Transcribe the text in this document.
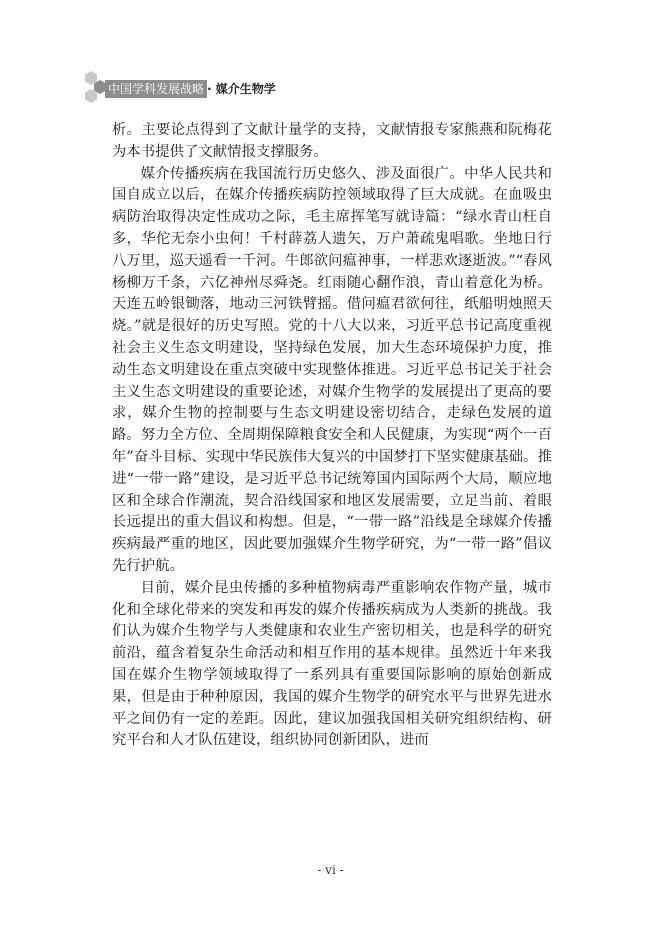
中国学科发展战略 · 媒介生物学

析。主要论点得到了文献计量学的支持，文献情报专家熊燕和阮梅花为本书提供了文献情报支撑服务。

媒介传播疾病在我国流行历史悠久、涉及面很广。中华人民共和国自成立以后，在媒介传播疾病防控领域取得了巨大成就。在血吸虫病防治取得决定性成功之际，毛主席挥笔写就诗篇：“绿水青山枉自多，华佗无奈小虫何！千村薜荔人遗矢，万户萧疏鬼唱歌。坐地日行八万里，巡天遥看一千河。牛郎欲问瘟神事，一样悲欢逐逝波。”“春风杨柳万千条，六亿神州尽舜尧。红雨随心翻作浪，青山着意化为桥。天连五岭银锄落，地动三河铁臂摇。借问瘟君欲何往，纸船明烛照天烧。”就是很好的历史写照。党的十八大以来，习近平总书记高度重视社会主义生态文明建设，坚持绿色发展，加大生态环境保护力度，推动生态文明建设在重点突破中实现整体推进。习近平总书记关于社会主义生态文明建设的重要论述，对媒介生物学的发展提出了更高的要求，媒介生物的控制要与生态文明建设密切结合，走绿色发展的道路。努力全方位、全周期保障粮食安全和人民健康，为实现“两个一百年”奋斗目标、实现中华民族伟大复兴的中国梦打下坚实健康基础。推进“一带一路”建设，是习近平总书记统筹国内国际两个大局，顺应地区和全球合作潮流，契合沿线国家和地区发展需要，立足当前、着眼长远提出的重大倡议和构想。但是，“一带一路”沿线是全球媒介传播疾病最严重的地区，因此要加强媒介生物学研究，为“一带一路”倡议先行护航。

目前，媒介昆虫传播的多种植物病毒严重影响农作物产量，城市化和全球化带来的突发和再发的媒介传播疾病成为人类新的挑战。我们认为媒介生物学与人类健康和农业生产密切相关，也是科学的研究前沿，蕴含着复杂生命活动和相互作用的基本规律。虽然近十年来我国在媒介生物学领域取得了一系列具有重要国际影响的原始创新成果，但是由于种种原因，我国的媒介生物学的研究水平与世界先进水平之间仍有一定的差距。因此，建议加强我国相关研究组织结构、研究平台和人才队伍建设，组织协同创新团队，进而

- vi -
